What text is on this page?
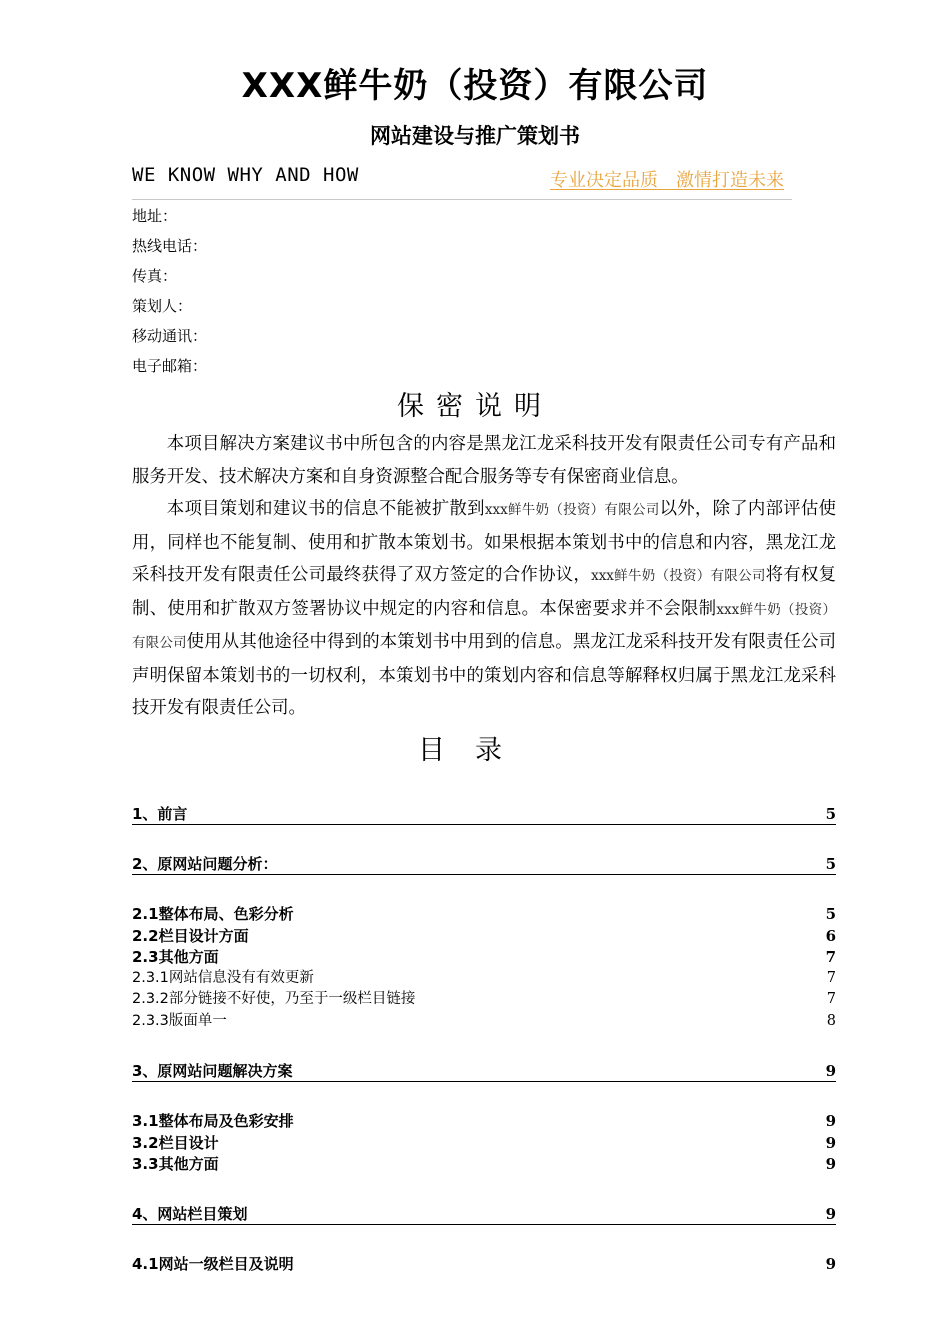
XXX鲜牛奶（投资）有限公司
网站建设与推广策划书
WE KNOW WHY AND HOW	专业决定品质　激情打造未来
地址：
热线电话：
传真：
策划人：
移动通讯：
电子邮箱：
保密说明

本项目解决方案建议书中所包含的内容是黑龙江龙采科技开发有限责任公司专有产品和服务开发、技术解决方案和自身资源整合配合服务等专有保密商业信息。

本项目策划和建议书的信息不能被扩散到xxx鲜牛奶（投资）有限公司以外，除了内部评估使用，同样也不能复制、使用和扩散本策划书。如果根据本策划书中的信息和内容，黑龙江龙采科技开发有限责任公司最终获得了双方签定的合作协议，xxx鲜牛奶（投资）有限公司将有权复制、使用和扩散双方签署协议中规定的内容和信息。本保密要求并不会限制xxx鲜牛奶（投资）有限公司使用从其他途径中得到的本策划书中用到的信息。黑龙江龙采科技开发有限责任公司声明保留本策划书的一切权利，本策划书中的策划内容和信息等解释权归属于黑龙江龙采科技开发有限责任公司。

目录
1、前言	5
2、原网站问题分析：	5
2.1整体布局、色彩分析	5
2.2栏目设计方面	6
2.3其他方面	7
2.3.1网站信息没有有效更新	7
2.3.2部分链接不好使，乃至于一级栏目链接	7
2.3.3版面单一	8
3、原网站问题解决方案	9
3.1整体布局及色彩安排	9
3.2栏目设计	9
3.3其他方面	9
4、网站栏目策划	9
4.1网站一级栏目及说明	9
